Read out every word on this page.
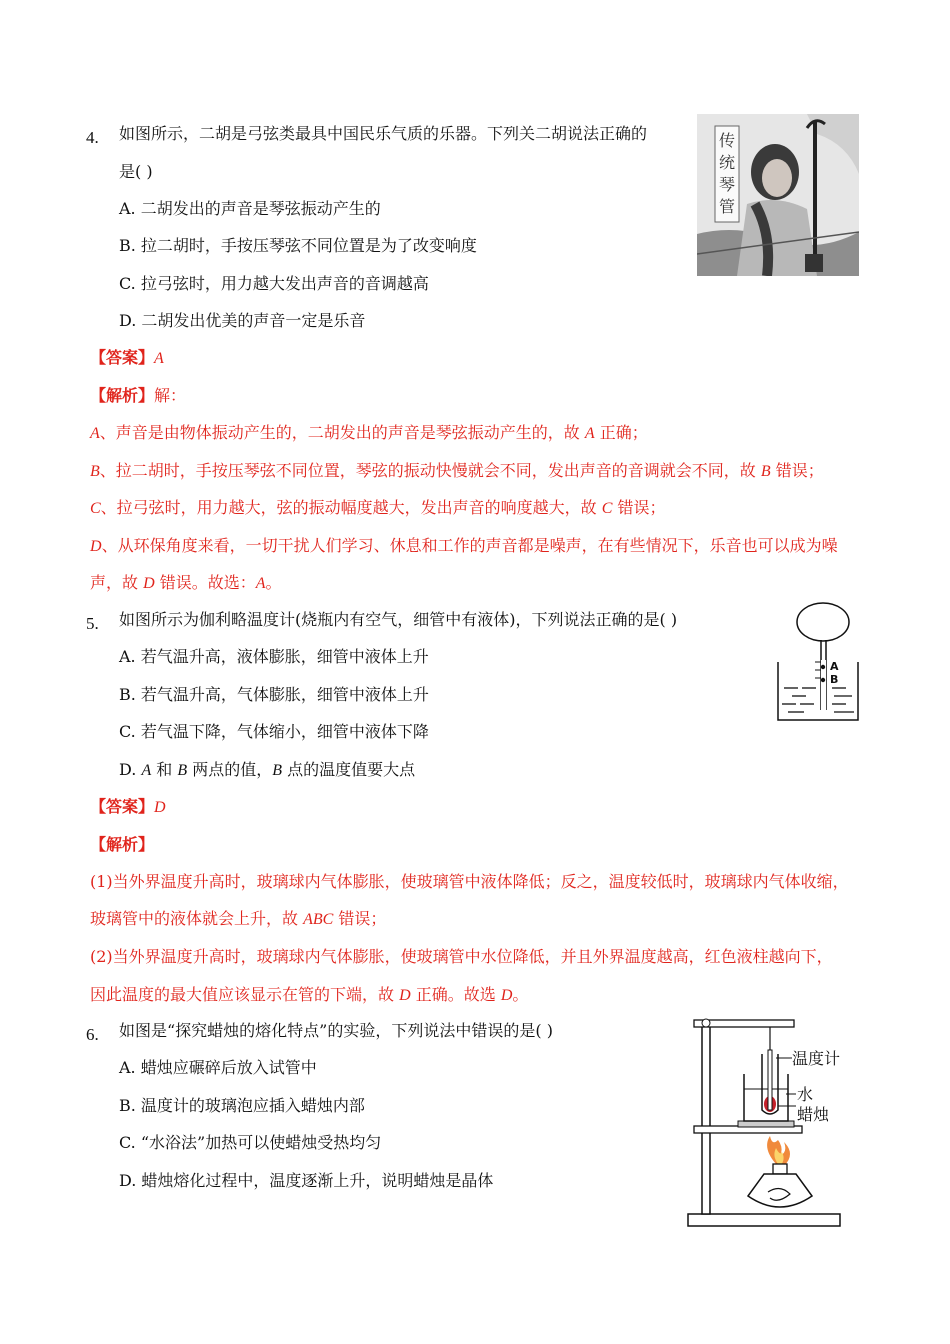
4. 如图所示，二胡是弓弦类最具中国民乐气质的乐器。下列关二胡说法正确的
是( )
A. 二胡发出的声音是琴弦振动产生的
B. 拉二胡时，手按压琴弦不同位置是为了改变响度
C. 拉弓弦时，用力越大发出声音的音调越高
D. 二胡发出优美的声音一定是乐音
传统琴管
【答案】A
【解析】解：
A、声音是由物体振动产生的，二胡发出的声音是琴弦振动产生的，故 A 正确；
B、拉二胡时，手按压琴弦不同位置，琴弦的振动快慢就会不同，发出声音的音调就会不同，故 B 错误；
C、拉弓弦时，用力越大，弦的振动幅度越大，发出声音的响度越大，故 C 错误；
D、从环保角度来看，一切干扰人们学习、休息和工作的声音都是噪声，在有些情况下，乐音也可以成为噪
声，故 D 错误。故选：A。
5. 如图所示为伽利略温度计(烧瓶内有空气，细管中有液体)，下列说法正确的是( )
A. 若气温升高，液体膨胀，细管中液体上升
B. 若气温升高，气体膨胀，细管中液体上升
C. 若气温下降，气体缩小，细管中液体下降
D. A 和 B 两点的值，B 点的温度值要大点
A
B
【答案】D
【解析】
(1)当外界温度升高时，玻璃球内气体膨胀，使玻璃管中液体降低；反之，温度较低时，玻璃球内气体收缩，
玻璃管中的液体就会上升，故 ABC 错误；
(2)当外界温度升高时，玻璃球内气体膨胀，使玻璃管中水位降低，并且外界温度越高，红色液柱越向下，
因此温度的最大值应该显示在管的下端，故 D 正确。故选 D。
6. 如图是“探究蜡烛的熔化特点”的实验，下列说法中错误的是( )
A. 蜡烛应碾碎后放入试管中
B. 温度计的玻璃泡应插入蜡烛内部
C. “水浴法”加热可以使蜡烛受热均匀
D. 蜡烛熔化过程中，温度逐渐上升，说明蜡烛是晶体
温度计
水
蜡烛
